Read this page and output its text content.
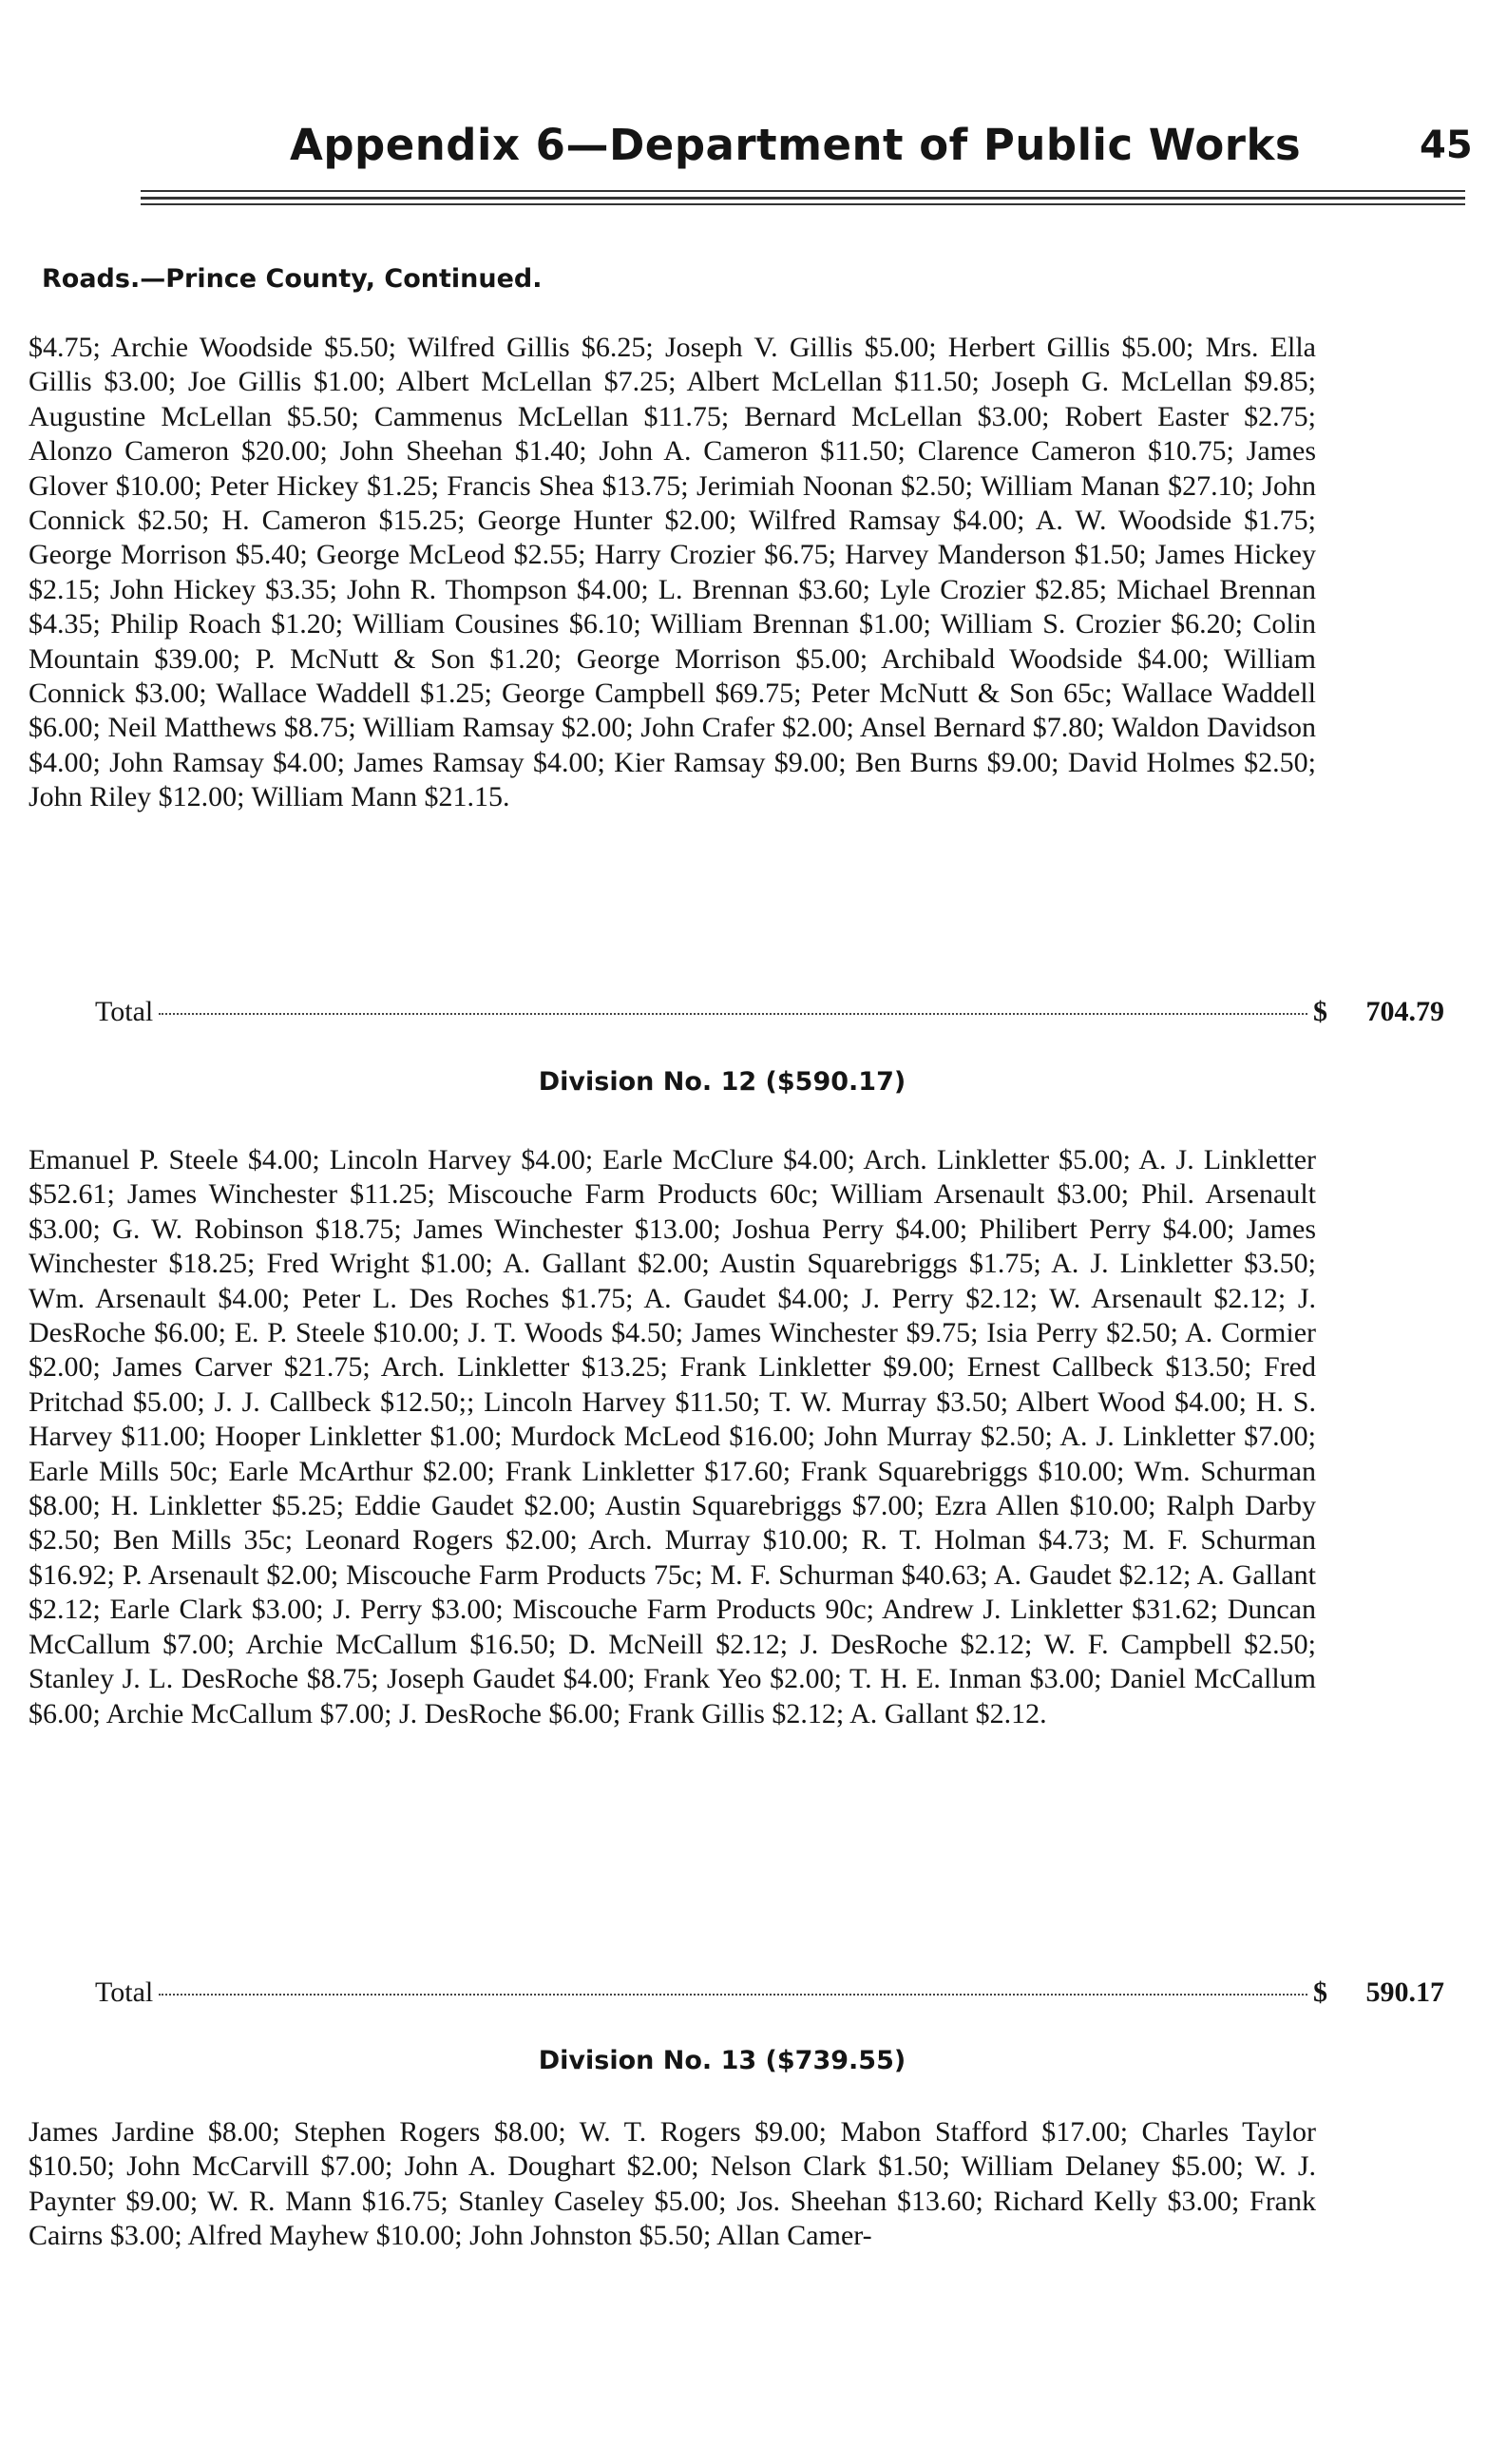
Appendix 6—Department of Public Works	45
Roads.—Prince County, Continued.

$4.75; Archie Woodside $5.50; Wilfred Gillis $6.25; Joseph V. Gillis $5.00; Herbert Gillis $5.00; Mrs. Ella Gillis $3.00; Joe Gillis $1.00; Albert McLellan $7.25; Albert McLellan $11.50; Joseph G. McLellan $9.85; Augustine McLellan $5.50; Cammenus McLellan $11.75; Bernard McLellan $3.00; Robert Easter $2.75; Alonzo Cameron $20.00; John Sheehan $1.40; John A. Cameron $11.50; Clarence Cameron $10.75; James Glover $10.00; Peter Hickey $1.25; Francis Shea $13.75; Jerimiah Noonan $2.50; William Manan $27.10; John Connick $2.50; H. Cameron $15.25; George Hunter $2.00; Wilfred Ramsay $4.00; A. W. Woodside $1.75; George Morrison $5.40; George McLeod $2.55; Harry Crozier $6.75; Harvey Manderson $1.50; James Hickey $2.15; John Hickey $3.35; John R. Thompson $4.00; L. Brennan $3.60; Lyle Crozier $2.85; Michael Brennan $4.35; Philip Roach $1.20; William Cousines $6.10; William Brennan $1.00; William S. Crozier $6.20; Colin Mountain $39.00; P. McNutt & Son $1.20; George Morrison $5.00; Archibald Woodside $4.00; William Connick $3.00; Wallace Waddell $1.25; George Campbell $69.75; Peter McNutt & Son 65c; Wallace Waddell $6.00; Neil Matthews $8.75; William Ramsay $2.00; John Crafer $2.00; Ansel Bernard $7.80; Waldon Davidson $4.00; John Ramsay $4.00; James Ramsay $4.00; Kier Ramsay $9.00; Ben Burns $9.00; David Holmes $2.50; John Riley $12.00; William Mann $21.15.

Total	$	704.79
Division No. 12 ($590.17)

Emanuel P. Steele $4.00; Lincoln Harvey $4.00; Earle McClure $4.00; Arch. Linkletter $5.00; A. J. Linkletter $52.61; James Winchester $11.25; Miscouche Farm Products 60c; William Arsenault $3.00; Phil. Arsenault $3.00; G. W. Robinson $18.75; James Winchester $13.00; Joshua Perry $4.00; Philibert Perry $4.00; James Winchester $18.25; Fred Wright $1.00; A. Gallant $2.00; Austin Squarebriggs $1.75; A. J. Linkletter $3.50; Wm. Arsenault $4.00; Peter L. Des Roches $1.75; A. Gaudet $4.00; J. Perry $2.12; W. Arsenault $2.12; J. DesRoche $6.00; E. P. Steele $10.00; J. T. Woods $4.50; James Winchester $9.75; Isia Perry $2.50; A. Cormier $2.00; James Carver $21.75; Arch. Linkletter $13.25; Frank Linkletter $9.00; Ernest Callbeck $13.50; Fred Pritchad $5.00; J. J. Callbeck $12.50;; Lincoln Harvey $11.50; T. W. Murray $3.50; Albert Wood $4.00; H. S. Harvey $11.00; Hooper Linkletter $1.00; Murdock McLeod $16.00; John Murray $2.50; A. J. Linkletter $7.00; Earle Mills 50c; Earle McArthur $2.00; Frank Linkletter $17.60; Frank Squarebriggs $10.00; Wm. Schurman $8.00; H. Linkletter $5.25; Eddie Gaudet $2.00; Austin Squarebriggs $7.00; Ezra Allen $10.00; Ralph Darby $2.50; Ben Mills 35c; Leonard Rogers $2.00; Arch. Murray $10.00; R. T. Holman $4.73; M. F. Schurman $16.92; P. Arsenault $2.00; Miscouche Farm Products 75c; M. F. Schurman $40.63; A. Gaudet $2.12; A. Gallant $2.12; Earle Clark $3.00; J. Perry $3.00; Miscouche Farm Products 90c; Andrew J. Linkletter $31.62; Duncan McCallum $7.00; Archie McCallum $16.50; D. McNeill $2.12; J. DesRoche $2.12; W. F. Campbell $2.50; Stanley J. L. DesRoche $8.75; Joseph Gaudet $4.00; Frank Yeo $2.00; T. H. E. Inman $3.00; Daniel McCallum $6.00; Archie McCallum $7.00; J. DesRoche $6.00; Frank Gillis $2.12; A. Gallant $2.12.

Total	$	590.17
Division No. 13 ($739.55)

James Jardine $8.00; Stephen Rogers $8.00; W. T. Rogers $9.00; Mabon Stafford $17.00; Charles Taylor $10.50; John McCarvill $7.00; John A. Doughart $2.00; Nelson Clark $1.50; William Delaney $5.00; W. J. Paynter $9.00; W. R. Mann $16.75; Stanley Caseley $5.00; Jos. Sheehan $13.60; Richard Kelly $3.00; Frank Cairns $3.00; Alfred Mayhew $10.00; John Johnston $5.50; Allan Camer-
